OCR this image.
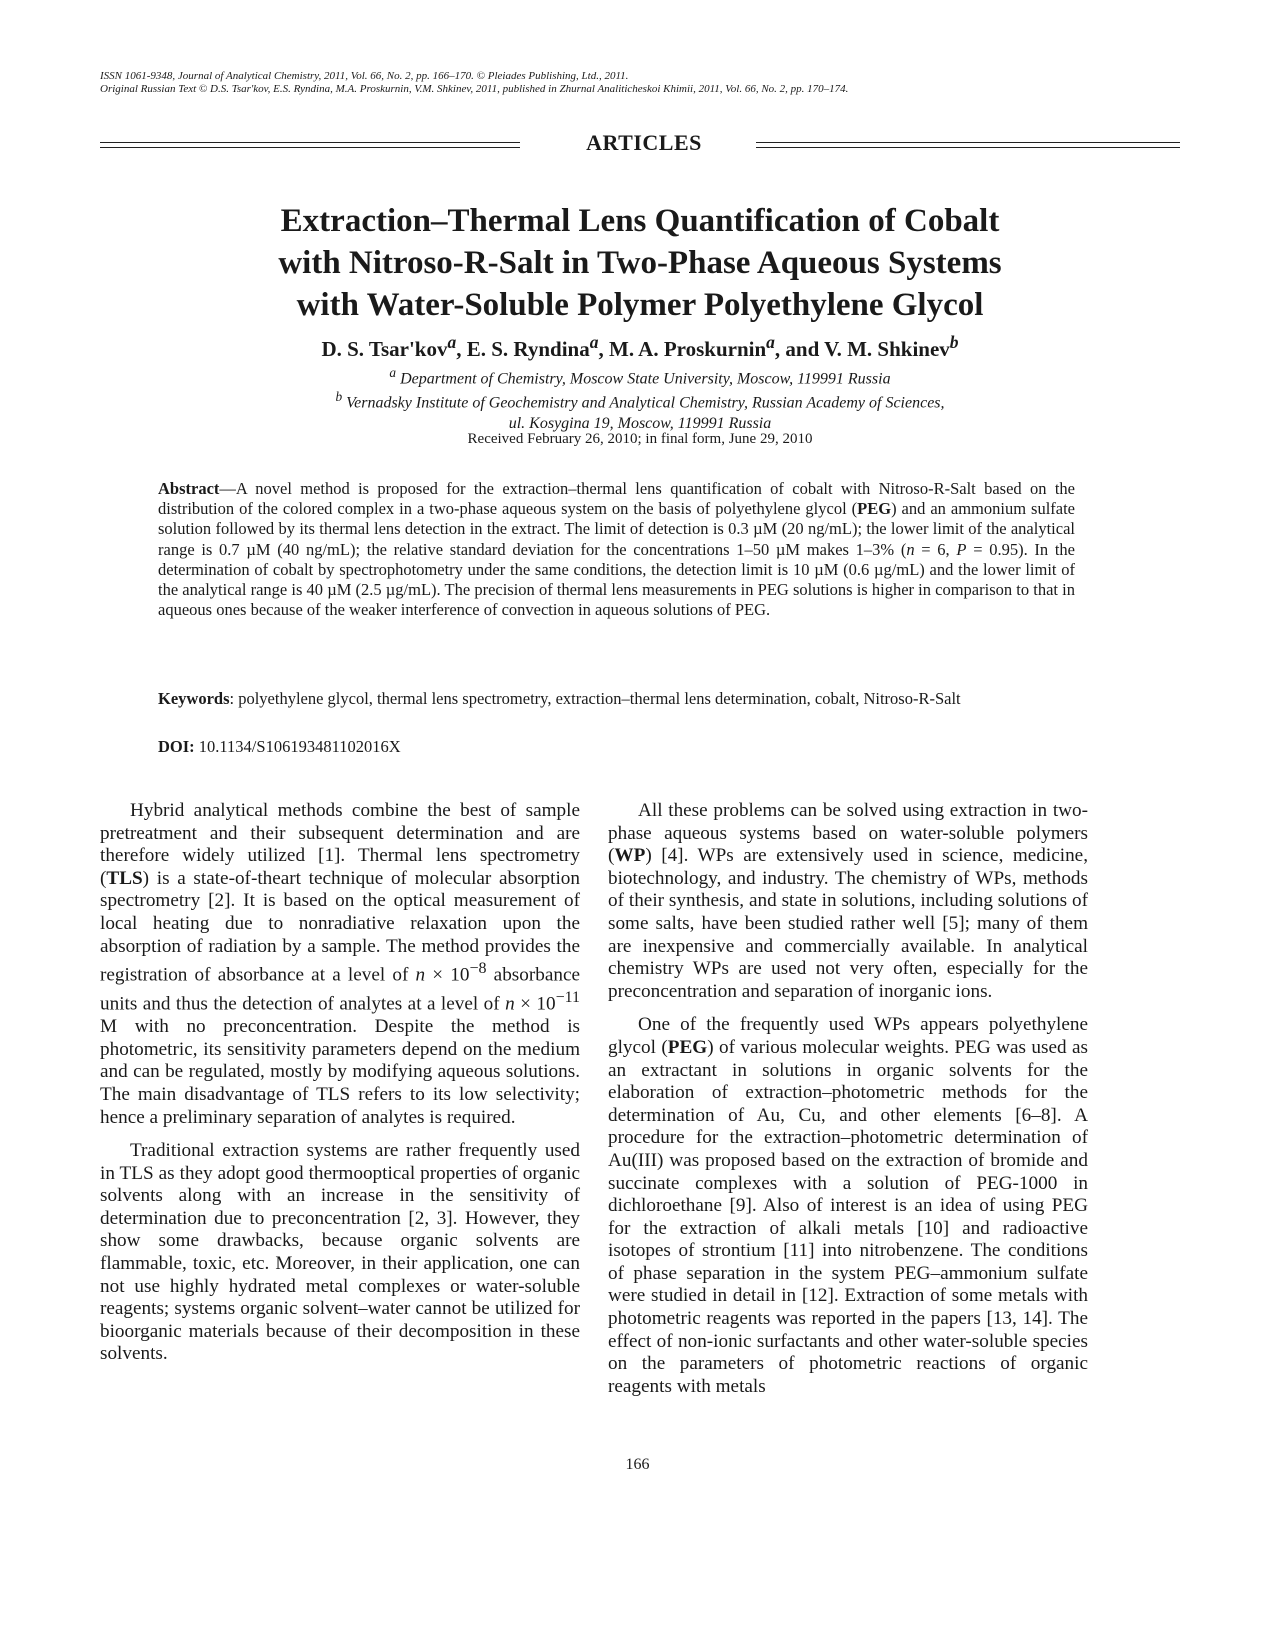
ISSN 1061-9348, Journal of Analytical Chemistry, 2011, Vol. 66, No. 2, pp. 166–170. © Pleiades Publishing, Ltd., 2011.
Original Russian Text © D.S. Tsar'kov, E.S. Ryndina, M.A. Proskurnin, V.M. Shkinev, 2011, published in Zhurnal Analiticheskoi Khimii, 2011, Vol. 66, No. 2, pp. 170–174.
ARTICLES
Extraction–Thermal Lens Quantification of Cobalt
with Nitroso-R-Salt in Two-Phase Aqueous Systems
with Water-Soluble Polymer Polyethylene Glycol
D. S. Tsar'kov$^a$, E. S. Ryndina$^a$, M. A. Proskurnin$^a$, and V. M. Shkinev$^b$
$^a$ Department of Chemistry, Moscow State University, Moscow, 119991 Russia
$^b$ Vernadsky Institute of Geochemistry and Analytical Chemistry, Russian Academy of Sciences,
ul. Kosygina 19, Moscow, 119991 Russia
Received February 26, 2010; in final form, June 29, 2010
Abstract—A novel method is proposed for the extraction–thermal lens quantification of cobalt with Nitroso-R-Salt based on the distribution of the colored complex in a two-phase aqueous system on the basis of polyethylene glycol (PEG) and an ammonium sulfate solution followed by its thermal lens detection in the extract. The limit of detection is 0.3 µM (20 ng/mL); the lower limit of the analytical range is 0.7 µM (40 ng/mL); the relative standard deviation for the concentrations 1–50 µM makes 1–3% (n = 6, P = 0.95). In the determination of cobalt by spectrophotometry under the same conditions, the detection limit is 10 µM (0.6 µg/mL) and the lower limit of the analytical range is 40 µM (2.5 µg/mL). The precision of thermal lens measurements in PEG solutions is higher in comparison to that in aqueous ones because of the weaker interference of convection in aqueous solutions of PEG.
Keywords: polyethylene glycol, thermal lens spectrometry, extraction–thermal lens determination, cobalt, Nitroso-R-Salt
DOI: 10.1134/S106193481102016X

Hybrid analytical methods combine the best of sample pretreatment and their subsequent determination and are therefore widely utilized [1]. Thermal lens spectrometry (TLS) is a state-of-theart technique of molecular absorption spectrometry [2]. It is based on the optical measurement of local heating due to nonradiative relaxation upon the absorption of radiation by a sample. The method provides the registration of absorbance at a level of $n \times 10^{-8}$ absorbance units and thus the detection of analytes at a level of $n \times 10^{-11}$ M with no preconcentration. Despite the method is photometric, its sensitivity parameters depend on the medium and can be regulated, mostly by modifying aqueous solutions. The main disadvantage of TLS refers to its low selectivity; hence a preliminary separation of analytes is required.

Traditional extraction systems are rather frequently used in TLS as they adopt good thermooptical properties of organic solvents along with an increase in the sensitivity of determination due to preconcentration [2, 3]. However, they show some drawbacks, because organic solvents are flammable, toxic, etc. Moreover, in their application, one can not use highly hydrated metal complexes or water-soluble reagents; systems organic solvent–water cannot be utilized for bioorganic materials because of their decomposition in these solvents.

All these problems can be solved using extraction in two-phase aqueous systems based on water-soluble polymers (WP) [4]. WPs are extensively used in science, medicine, biotechnology, and industry. The chemistry of WPs, methods of their synthesis, and state in solutions, including solutions of some salts, have been studied rather well [5]; many of them are inexpensive and commercially available. In analytical chemistry WPs are used not very often, especially for the preconcentration and separation of inorganic ions.

One of the frequently used WPs appears polyethylene glycol (PEG) of various molecular weights. PEG was used as an extractant in solutions in organic solvents for the elaboration of extraction–photometric methods for the determination of Au, Cu, and other elements [6–8]. A procedure for the extraction–photometric determination of Au(III) was proposed based on the extraction of bromide and succinate complexes with a solution of PEG-1000 in dichloroethane [9]. Also of interest is an idea of using PEG for the extraction of alkali metals [10] and radioactive isotopes of strontium [11] into nitrobenzene. The conditions of phase separation in the system PEG–ammonium sulfate were studied in detail in [12]. Extraction of some metals with photometric reagents was reported in the papers [13, 14]. The effect of non-ionic surfactants and other water-soluble species on the parameters of photometric reactions of organic reagents with metals

166
